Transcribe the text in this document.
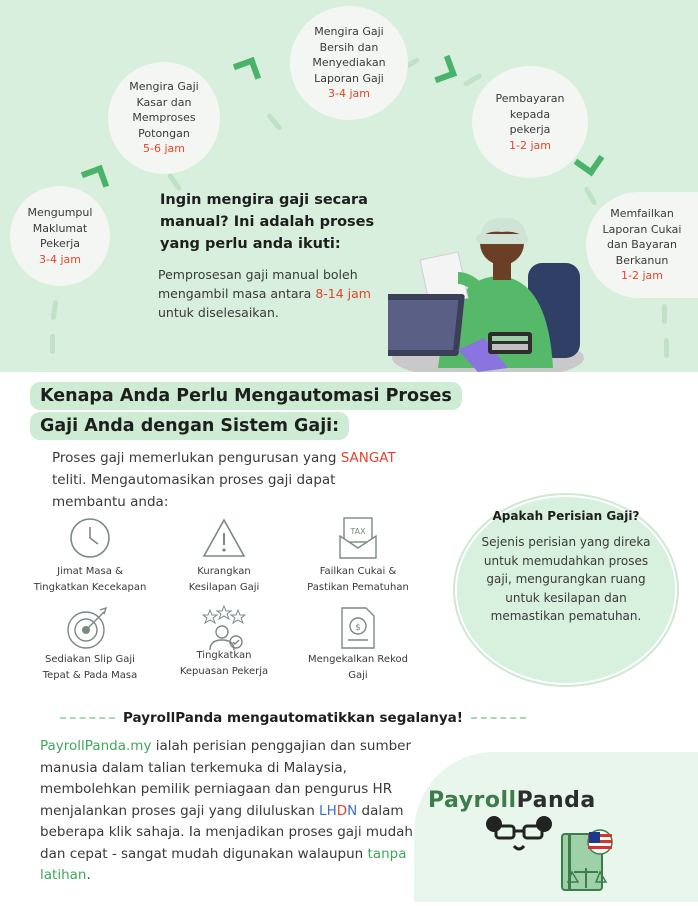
Mengumpul
Maklumat
Pekerja
3-4 jam
Mengira Gaji
Kasar dan
Memproses
Potongan
5-6 jam
Mengira Gaji
Bersih dan
Menyediakan
Laporan Gaji
3-4 jam	Pembayaran
kepada
pekerja
1-2 jam
Memfailkan
Laporan Cukai
dan Bayaran
Berkanun
1-2 jam
Ingin mengira gaji secara manual? Ini adalah proses yang perlu anda ikuti:
Pemprosesan gaji manual boleh mengambil masa antara 8-14 jam untuk diselesaikan.
Kenapa Anda Perlu Mengautomasi Proses
Gaji Anda dengan Sistem Gaji:
Proses gaji memerlukan pengurusan yang SANGAT teliti. Mengautomasikan proses gaji dapat membantu anda:
TAX
Jimat Masa &
Tingkatkan Kecekapan
Kurangkan
Kesilapan Gaji
Failkan Cukai &
Pastikan Pematuhan
$
Sediakan Slip Gaji
Tepat & Pada Masa
Tingkatkan
Kepuasan Pekerja
Mengekalkan Rekod
Gaji
Apakah Perisian Gaji?
Sejenis perisian yang direka untuk memudahkan proses gaji, mengurangkan ruang untuk kesilapan dan memastikan pematuhan.
PayrollPanda mengautomatikkan segalanya!
PayrollPanda.my ialah perisian penggajian dan sumber manusia dalam talian terkemuka di Malaysia, membolehkan pemilik perniagaan dan pengurus HR menjalankan proses gaji yang diluluskan LHDN dalam beberapa klik sahaja. Ia menjadikan proses gaji mudah dan cepat - sangat mudah digunakan walaupun tanpa latihan.
PayrollPanda
